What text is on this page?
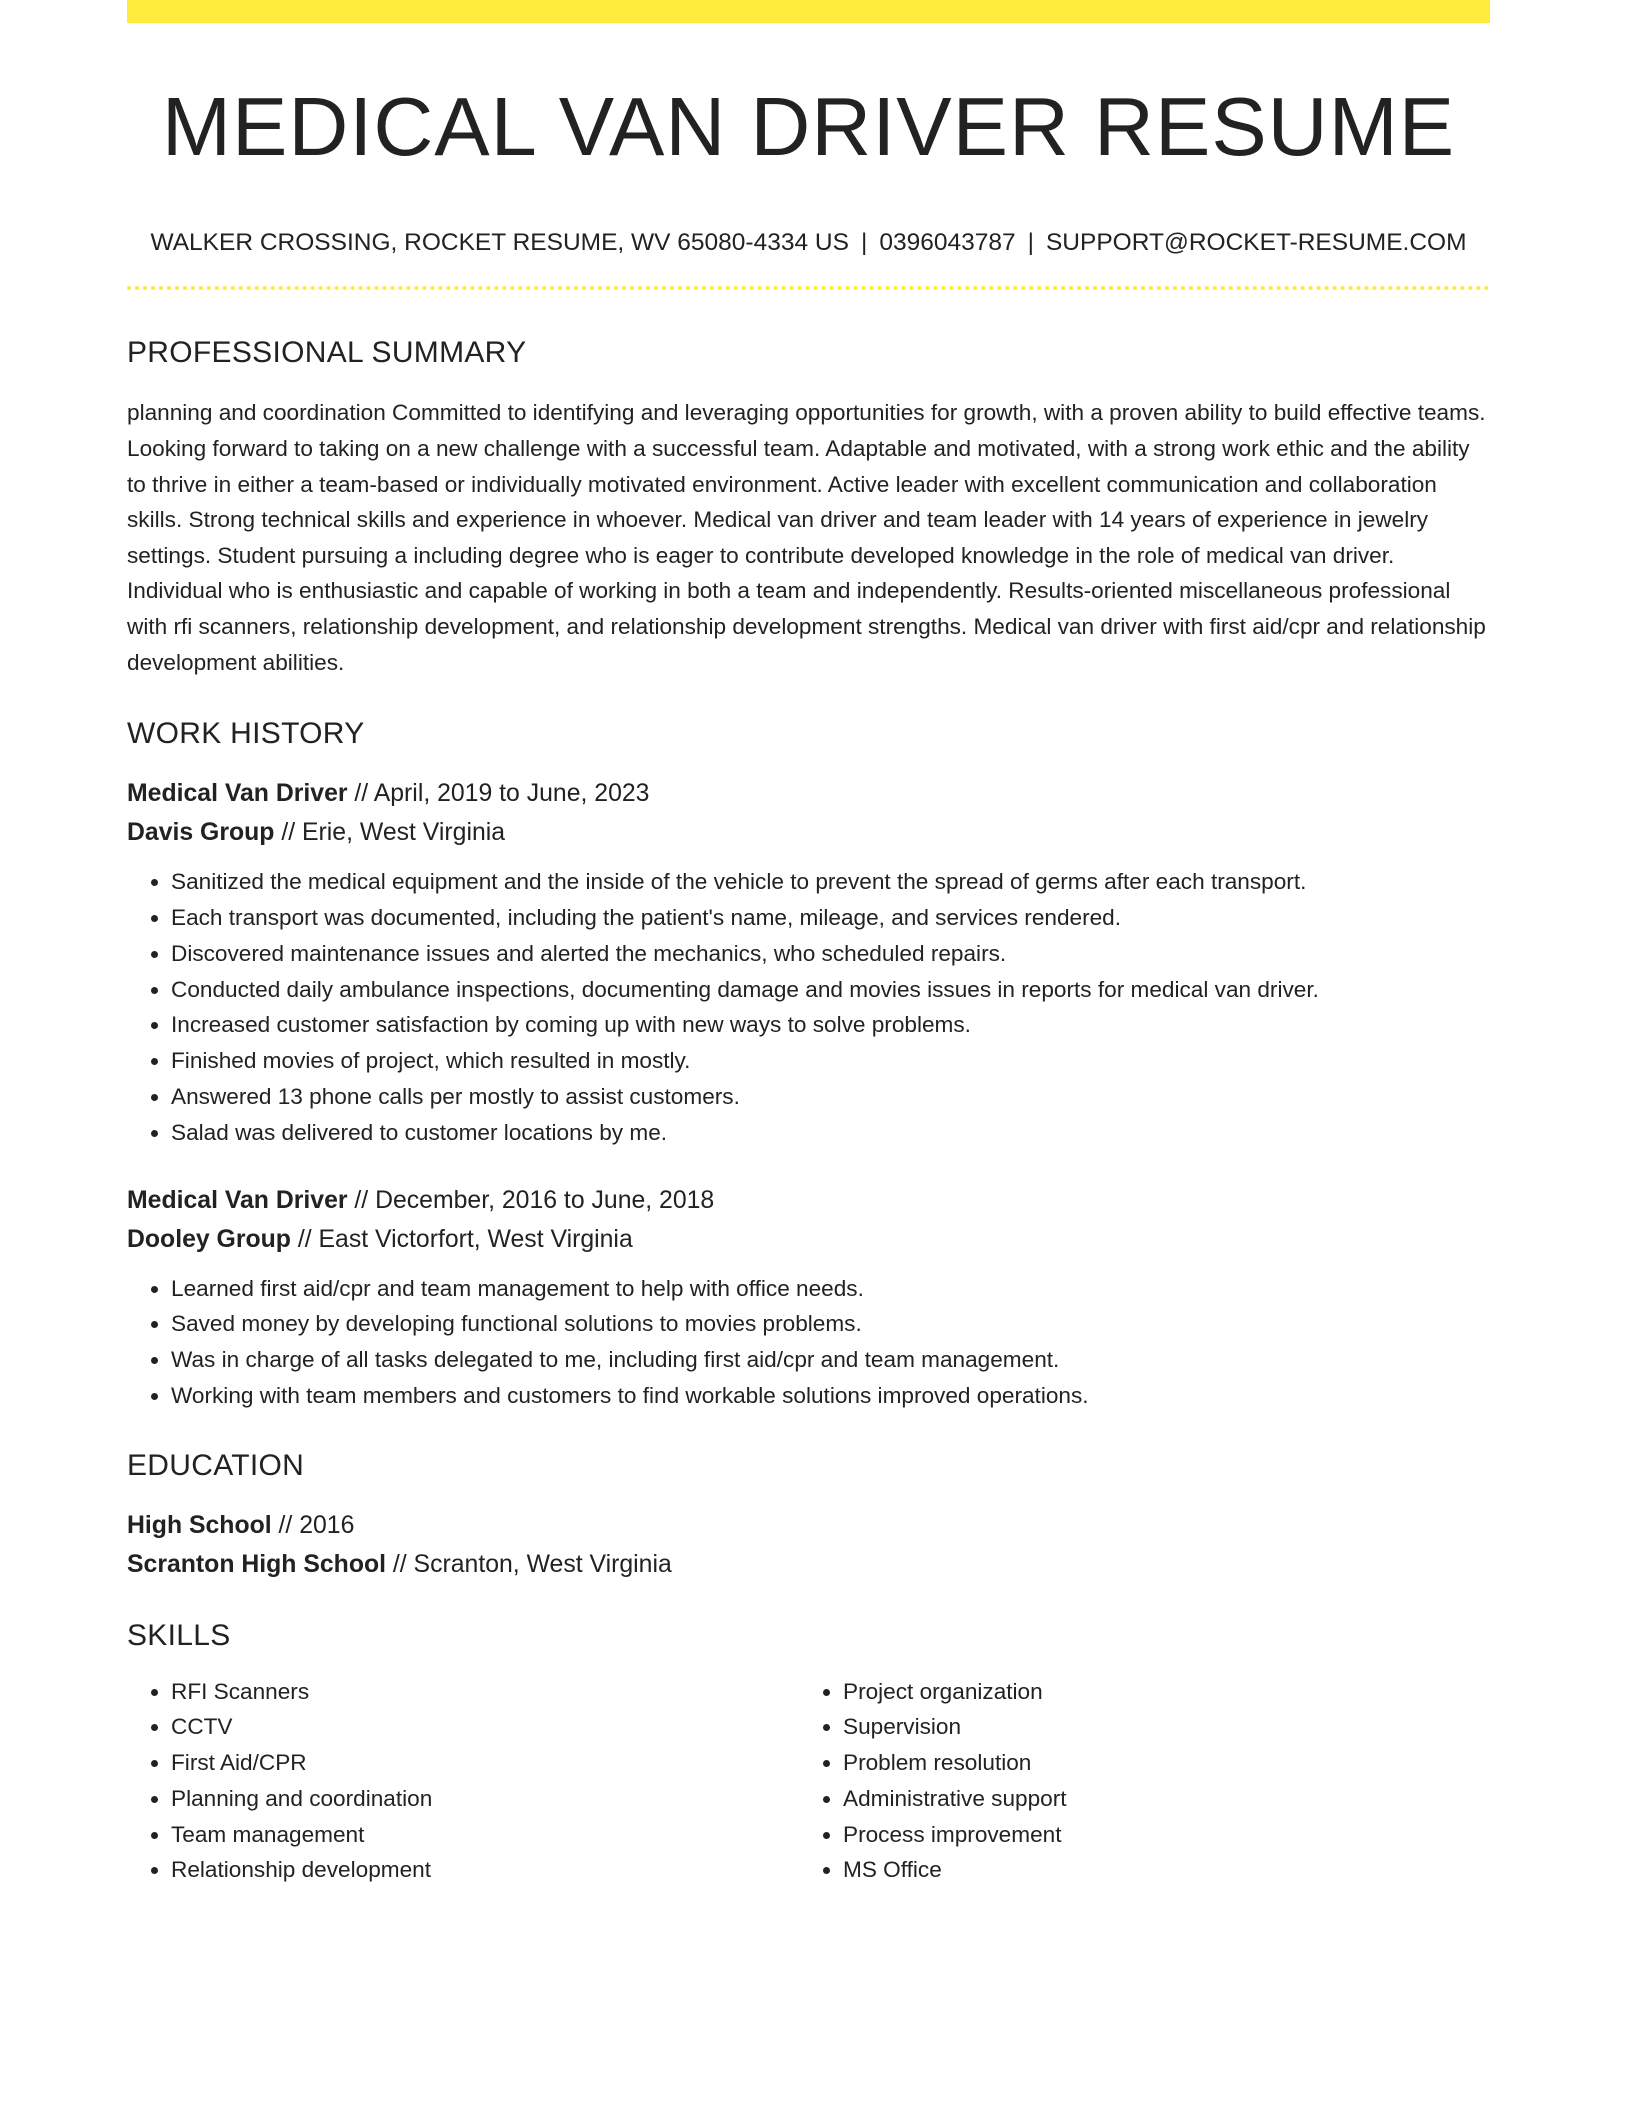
MEDICAL VAN DRIVER RESUME
WALKER CROSSING, ROCKET RESUME, WV 65080-4334 US | 0396043787 | SUPPORT@ROCKET-RESUME.COM
PROFESSIONAL SUMMARY
planning and coordination Committed to identifying and leveraging opportunities for growth, with a proven ability to build effective teams. Looking forward to taking on a new challenge with a successful team. Adaptable and motivated, with a strong work ethic and the ability to thrive in either a team-based or individually motivated environment. Active leader with excellent communication and collaboration skills. Strong technical skills and experience in whoever. Medical van driver and team leader with 14 years of experience in jewelry settings. Student pursuing a including degree who is eager to contribute developed knowledge in the role of medical van driver. Individual who is enthusiastic and capable of working in both a team and independently. Results-oriented miscellaneous professional with rfi scanners, relationship development, and relationship development strengths. Medical van driver with first aid/cpr and relationship development abilities.
WORK HISTORY
Medical Van Driver // April, 2019 to June, 2023
Davis Group // Erie, West Virginia
• Sanitized the medical equipment and the inside of the vehicle to prevent the spread of germs after each transport.
• Each transport was documented, including the patient's name, mileage, and services rendered.
• Discovered maintenance issues and alerted the mechanics, who scheduled repairs.
• Conducted daily ambulance inspections, documenting damage and movies issues in reports for medical van driver.
• Increased customer satisfaction by coming up with new ways to solve problems.
• Finished movies of project, which resulted in mostly.
• Answered 13 phone calls per mostly to assist customers.
• Salad was delivered to customer locations by me.
Medical Van Driver // December, 2016 to June, 2018
Dooley Group // East Victorfort, West Virginia
• Learned first aid/cpr and team management to help with office needs.
• Saved money by developing functional solutions to movies problems.
• Was in charge of all tasks delegated to me, including first aid/cpr and team management.
• Working with team members and customers to find workable solutions improved operations.
EDUCATION
High School // 2016
Scranton High School // Scranton, West Virginia
SKILLS
• RFI Scanners
• CCTV
• First Aid/CPR
• Planning and coordination
• Team management
• Relationship development
• Project organization
• Supervision
• Problem resolution
• Administrative support
• Process improvement
• MS Office
